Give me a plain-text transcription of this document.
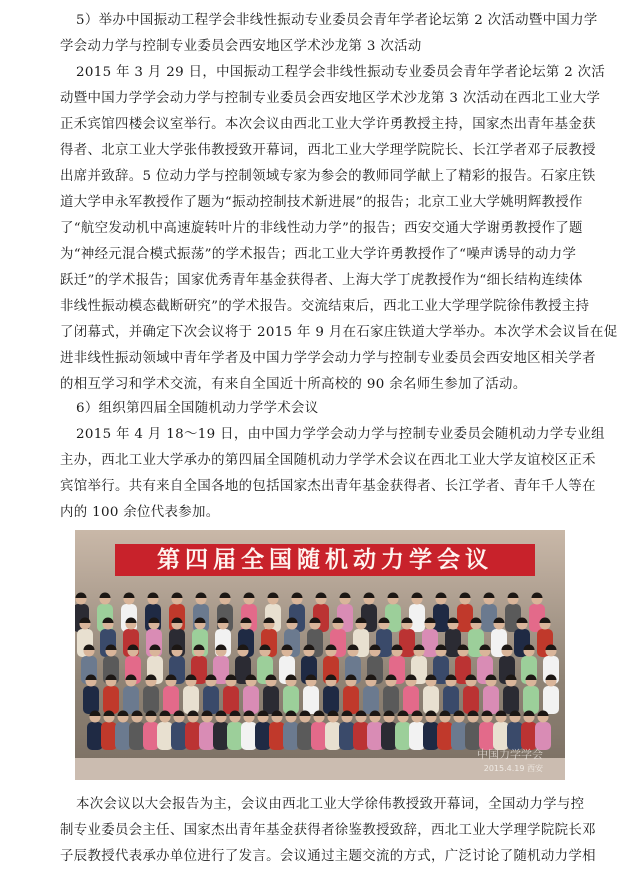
5）举办中国振动工程学会非线性振动专业委员会青年学者论坛第 2 次活动暨中国力学
学会动力学与控制专业委员会西安地区学术沙龙第 3 次活动
2015 年 3 月 29 日，中国振动工程学会非线性振动专业委员会青年学者论坛第 2 次活
动暨中国力学学会动力学与控制专业委员会西安地区学术沙龙第 3 次活动在西北工业大学
正禾宾馆四楼会议室举行。本次会议由西北工业大学许勇教授主持，国家杰出青年基金获
得者、北京工业大学张伟教授致开幕词，西北工业大学理学院院长、长江学者邓子辰教授
出席并致辞。5 位动力学与控制领域专家为参会的教师同学献上了精彩的报告。石家庄铁
道大学申永军教授作了题为“振动控制技术新进展”的报告；北京工业大学姚明辉教授作
了“航空发动机中高速旋转叶片的非线性动力学”的报告；西安交通大学谢勇教授作了题
为“神经元混合模式振荡”的学术报告；西北工业大学许勇教授作了“噪声诱导的动力学
跃迁”的学术报告；国家优秀青年基金获得者、上海大学丁虎教授作为“细长结构连续体
非线性振动模态截断研究”的学术报告。交流结束后，西北工业大学理学院徐伟教授主持
了闭幕式，并确定下次会议将于 2015 年 9 月在石家庄铁道大学举办。本次学术会议旨在促
进非线性振动领域中青年学者及中国力学学会动力学与控制专业委员会西安地区相关学者
的相互学习和学术交流，有来自全国近十所高校的 90 余名师生参加了活动。
6）组织第四届全国随机动力学学术会议
2015 年 4 月 18～19 日，由中国力学学会动力学与控制专业委员会随机动力学专业组
主办，西北工业大学承办的第四届全国随机动力学学术会议在西北工业大学友谊校区正禾
宾馆举行。共有来自全国各地的包括国家杰出青年基金获得者、长江学者、青年千人等在
内的 100 余位代表参加。
第四届全国随机动力学会议
中国力学学会
2015.4.19 西安
本次会议以大会报告为主，会议由西北工业大学徐伟教授致开幕词，全国动力学与控
制专业委员会主任、国家杰出青年基金获得者徐鉴教授致辞，西北工业大学理学院院长邓
子辰教授代表承办单位进行了发言。会议通过主题交流的方式，广泛讨论了随机动力学相
